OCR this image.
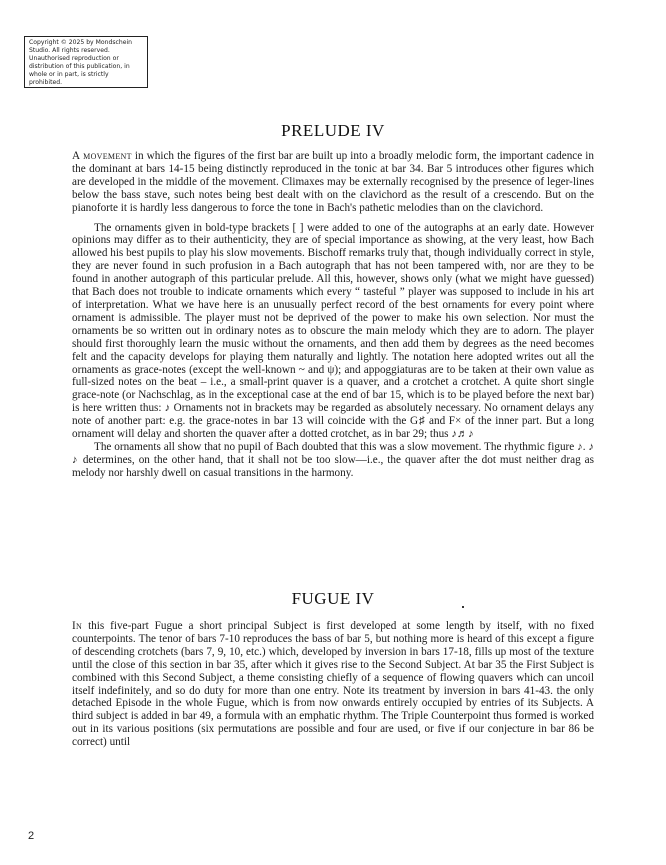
Copyright © 2025 by Mondschein Studio. All rights reserved. Unauthorised reproduction or distribution of this publication, in whole or in part, is strictly prohibited.
PRELUDE IV

A movement in which the figures of the first bar are built up into a broadly melodic form, the important cadence in the dominant at bars 14-15 being distinctly reproduced in the tonic at bar 34. Bar 5 introduces other figures which are developed in the middle of the movement. Climaxes may be externally recognised by the presence of leger-lines below the bass stave, such notes being best dealt with on the clavichord as the result of a crescendo. But on the pianoforte it is hardly less dangerous to force the tone in Bach's pathetic melodies than on the clavichord.

The ornaments given in bold-type brackets [ ] were added to one of the autographs at an early date. However opinions may differ as to their authenticity, they are of special importance as showing, at the very least, how Bach allowed his best pupils to play his slow movements. Bischoff remarks truly that, though individually correct in style, they are never found in such profusion in a Bach autograph that has not been tampered with, nor are they to be found in another autograph of this particular prelude. All this, however, shows only (what we might have guessed) that Bach does not trouble to indicate ornaments which every “ tasteful ” player was supposed to include in his art of interpretation. What we have here is an unusually perfect record of the best ornaments for every point where ornament is admissible. The player must not be deprived of the power to make his own selection. Nor must the ornaments be so written out in ordinary notes as to obscure the main melody which they are to adorn. The player should first thoroughly learn the music without the ornaments, and then add them by degrees as the need becomes felt and the capacity develops for playing them naturally and lightly. The notation here adopted writes out all the ornaments as grace-notes (except the well-known ~ and ψ); and appoggiaturas are to be taken at their own value as full-sized notes on the beat – i.e., a small-print quaver is a quaver, and a crotchet a crotchet. A quite short single grace-note (or Nachschlag, as in the exceptional case at the end of bar 15, which is to be played before the next bar) is here written thus: ♪ Ornaments not in brackets may be regarded as absolutely necessary. No ornament delays any note of another part: e.g. the grace-notes in bar 13 will coincide with the G♯ and F× of the inner part. But a long ornament will delay and shorten the quaver after a dotted crotchet, as in bar 29; thus ♪♬♪

The ornaments all show that no pupil of Bach doubted that this was a slow movement. The rhythmic figure ♪. ♪ ♪ determines, on the other hand, that it shall not be too slow—i.e., the quaver after the dot must neither drag as melody nor harshly dwell on casual transitions in the harmony.

FUGUE IV

In this five-part Fugue a short principal Subject is first developed at some length by itself, with no fixed counterpoints. The tenor of bars 7-10 reproduces the bass of bar 5, but nothing more is heard of this except a figure of descending crotchets (bars 7, 9, 10, etc.) which, developed by inversion in bars 17-18, fills up most of the texture until the close of this section in bar 35, after which it gives rise to the Second Subject. At bar 35 the First Subject is combined with this Second Subject, a theme consisting chiefly of a sequence of flowing quavers which can uncoil itself indefinitely, and so do duty for more than one entry. Note its treatment by inversion in bars 41-43. the only detached Episode in the whole Fugue, which is from now onwards entirely occupied by entries of its Subjects. A third subject is added in bar 49, a formula with an emphatic rhythm. The Triple Counterpoint thus formed is worked out in its various positions (six permutations are possible and four are used, or five if our conjecture in bar 86 be correct) until

2
